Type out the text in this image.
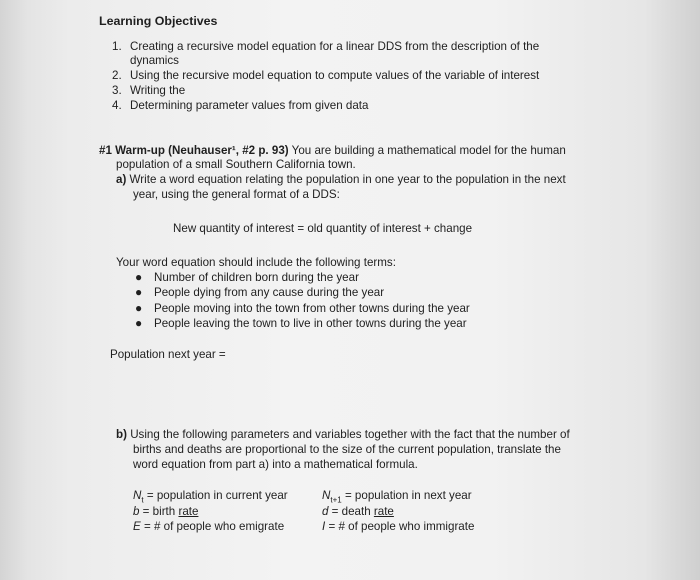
Learning Objectives
1. Creating a recursive model equation for a linear DDS from the description of the
dynamics
2. Using the recursive model equation to compute values of the variable of interest
3. Writing the
4. Determining parameter values from given data
#1 Warm-up (Neuhauser¹, #2 p. 93) You are building a mathematical model for the human
population of a small Southern California town.
a) Write a word equation relating the population in one year to the population in the next
year, using the general format of a DDS:
New quantity of interest = old quantity of interest + change
Your word equation should include the following terms:
● Number of children born during the year
● People dying from any cause during the year
● People moving into the town from other towns during the year
● People leaving the town to live in other towns during the year
Population next year =
b) Using the following parameters and variables together with the fact that the number of
births and deaths are proportional to the size of the current population, translate the
word equation from part a) into a mathematical formula.
$N_t$ = population in current year
b = birth rate
E = # of people who emigrate
$N_{t+1}$ = population in next year
d = death rate
I = # of people who immigrate
